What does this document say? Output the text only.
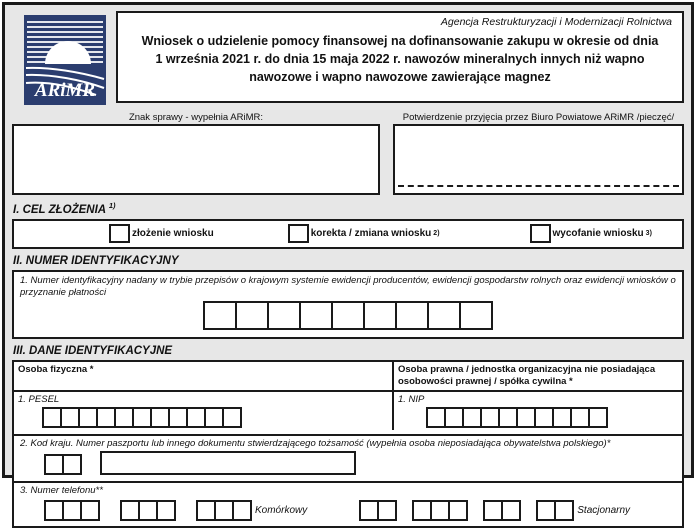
ARiMR
Agencja Restrukturyzacji i Modernizacji Rolnictwa
Wniosek o udzielenie pomocy finansowej na dofinansowanie zakupu w okresie od dnia
1 września 2021 r. do dnia 15 maja 2022 r. nawozów mineralnych innych niż wapno
nawozowe i wapno nawozowe zawierające magnez
Znak sprawy - wypełnia ARiMR:	Potwierdzenie przyjęcia przez Biuro Powiatowe ARiMR /pieczęć/
I. CEL ZŁOŻENIA $^{1)}$
złożenie wniosku	korekta / zmiana wniosku 2)	wycofanie wniosku 3)
II. NUMER IDENTYFIKACYJNY
1. Numer identyfikacyjny nadany w trybie przepisów o krajowym systemie ewidencji producentów, ewidencji gospodarstw rolnych oraz ewidencji wniosków o przyznanie płatności
III. DANE IDENTYFIKACYJNE
Osoba fizyczna *	Osoba prawna / jednostka organizacyjna nie posiadająca osobowości prawnej / spółka cywilna *
1. PESEL	1. NIP
2. Kod kraju. Numer paszportu lub innego dokumentu stwierdzającego tożsamość (wypełnia osoba nieposiadająca obywatelstwa polskiego)*
3. Numer telefonu**
Komórkowy	Stacjonarny
